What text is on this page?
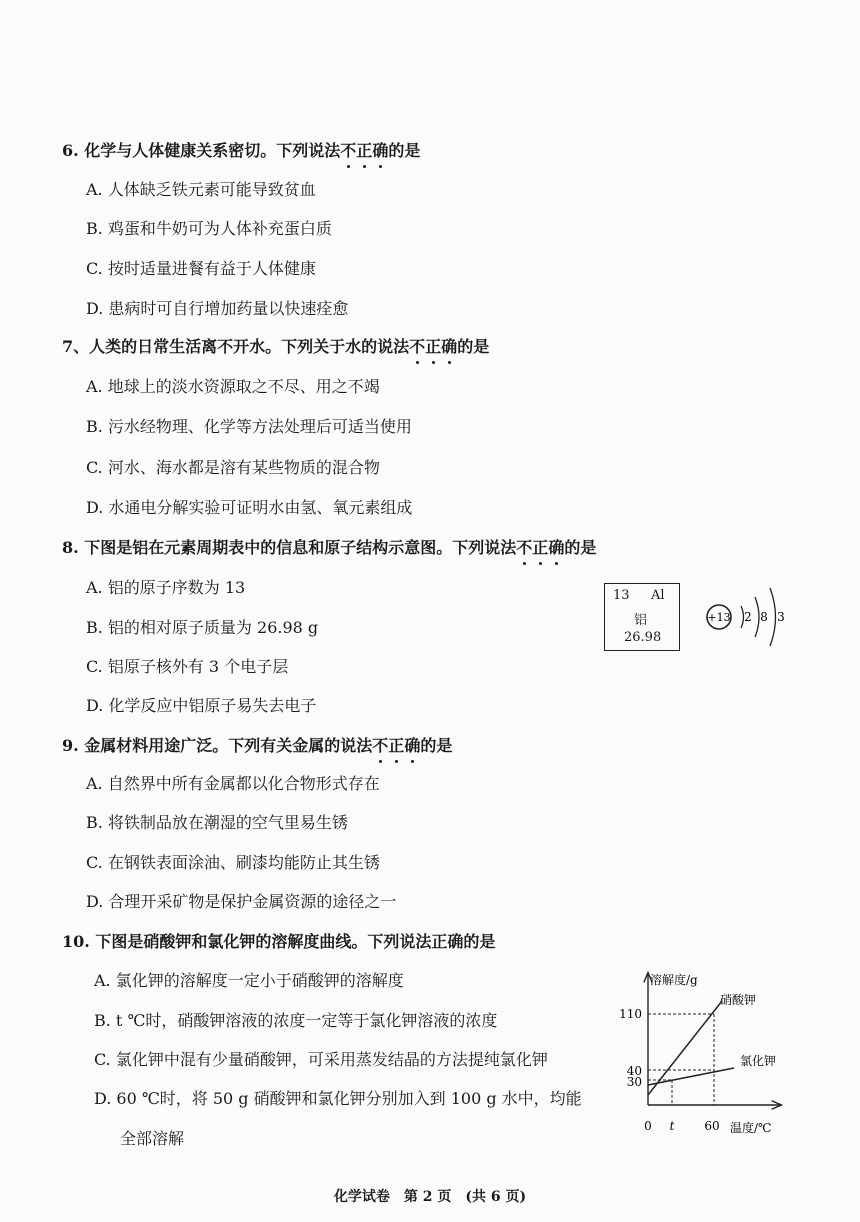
6. 化学与人体健康关系密切。下列说法不正确的是
A. 人体缺乏铁元素可能导致贫血
B. 鸡蛋和牛奶可为人体补充蛋白质
C. 按时适量进餐有益于人体健康
D. 患病时可自行增加药量以快速痊愈
7、人类的日常生活离不开水。下列关于水的说法不正确的是
A. 地球上的淡水资源取之不尽、用之不竭
B. 污水经物理、化学等方法处理后可适当使用
C. 河水、海水都是溶有某些物质的混合物
D. 水通电分解实验可证明水由氢、氧元素组成
8. 下图是铝在元素周期表中的信息和原子结构示意图。下列说法不正确的是
A. 铝的原子序数为 13
B. 铝的相对原子质量为 26.98 g
C. 铝原子核外有 3 个电子层
D. 化学反应中铝原子易失去电子
13 Al
铝
26.98
+13 2 8 3
9. 金属材料用途广泛。下列有关金属的说法不正确的是
A. 自然界中所有金属都以化合物形式存在
B. 将铁制品放在潮湿的空气里易生锈
C. 在钢铁表面涂油、刷漆均能防止其生锈
D. 合理开采矿物是保护金属资源的途径之一
10. 下图是硝酸钾和氯化钾的溶解度曲线。下列说法正确的是
A. 氯化钾的溶解度一定小于硝酸钾的溶解度
B. t ℃时，硝酸钾溶液的浓度一定等于氯化钾溶液的浓度
C. 氯化钾中混有少量硝酸钾，可采用蒸发结晶的方法提纯氯化钾
D. 60 ℃时，将 50 g 硝酸钾和氯化钾分别加入到 100 g 水中，均能
全部溶解
溶解度/g
温度/℃
110
40
30
0 t 60
硝酸钾
氯化钾
化学试卷　第 2 页　(共 6 页)
